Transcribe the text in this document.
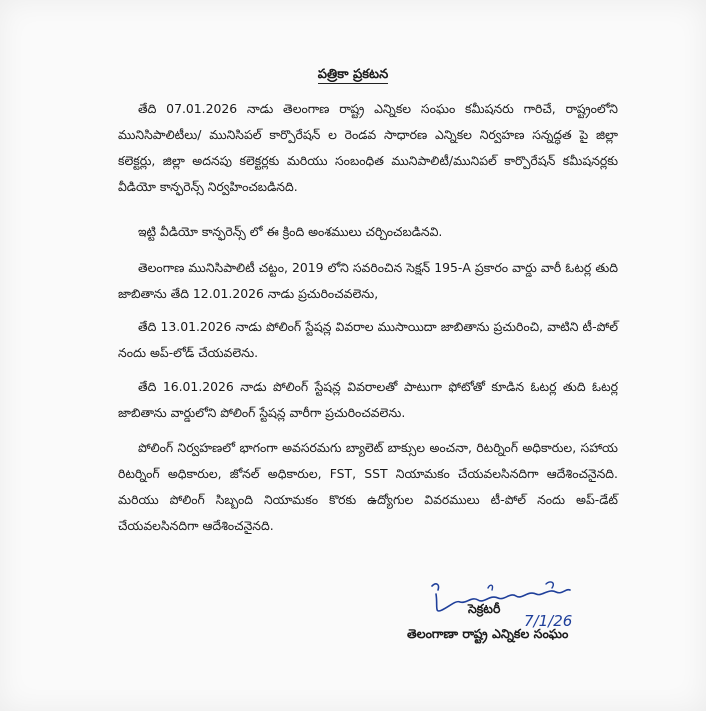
పత్రికా ప్రకటన

తేది 07.01.2026 నాడు తెలంగాణ రాష్ట్ర ఎన్నికల సంఘం కమీషనరు గారిచే, రాష్ట్రంలోని మునిసిపాలిటీలు/ మునిసిపల్ కార్పొరేషన్ ల రెండవ సాధారణ ఎన్నికల నిర్వహణ సన్నద్ధత పై జిల్లా కలెక్టర్లు, జిల్లా అదనపు కలెక్టర్లకు మరియు సంబంధిత మునిపాలిటీ/మునిపల్ కార్పొరేషన్ కమీషనర్లకు వీడియో కాన్ఫరెన్స్ నిర్వహించబడినది.

ఇట్టి వీడియో కాన్ఫరెన్స్ లో ఈ క్రింది అంశములు చర్చించబడినవి.

తెలంగాణ మునిసిపాలిటీ చట్టం, 2019 లోని సవరించిన సెక్షన్ 195-A ప్రకారం వార్డు వారీ ఓటర్ల తుది జాబితాను తేది 12.01.2026 నాడు ప్రచురించవలెను,

తేది 13.01.2026 నాడు పోలింగ్ స్టేషన్ల వివరాల ముసాయిదా జాబితాను ప్రచురించి, వాటిని టీ-పోల్ నందు అప్-లోడ్ చేయవలెను.

తేది 16.01.2026 నాడు పోలింగ్ స్టేషన్ల వివరాలతో పాటుగా ఫోటోతో కూడిన ఓటర్ల తుది ఓటర్ల జాబితాను వార్డులోని పోలింగ్ స్టేషన్ల వారీగా ప్రచురించవలెను.

పోలింగ్ నిర్వహణలో భాగంగా అవసరమగు బ్యాలెట్ బాక్సుల అంచనా, రిటర్నింగ్ అధికారుల, సహాయ రిటర్నింగ్ అధికారుల, జోనల్ అధికారుల, FST, SST నియామకం చేయవలసినదిగా ఆదేశించనైనది. మరియు పోలింగ్ సిబ్బంది నియామకం కొరకు ఉద్యోగుల వివరములు టీ-పోల్ నందు అప్-డేట్ చేయవలసినదిగా ఆదేశించనైనది.

7/1/26
సెక్రటరీ
తెలంగాణా రాష్ట్ర ఎన్నికల సంఘం
